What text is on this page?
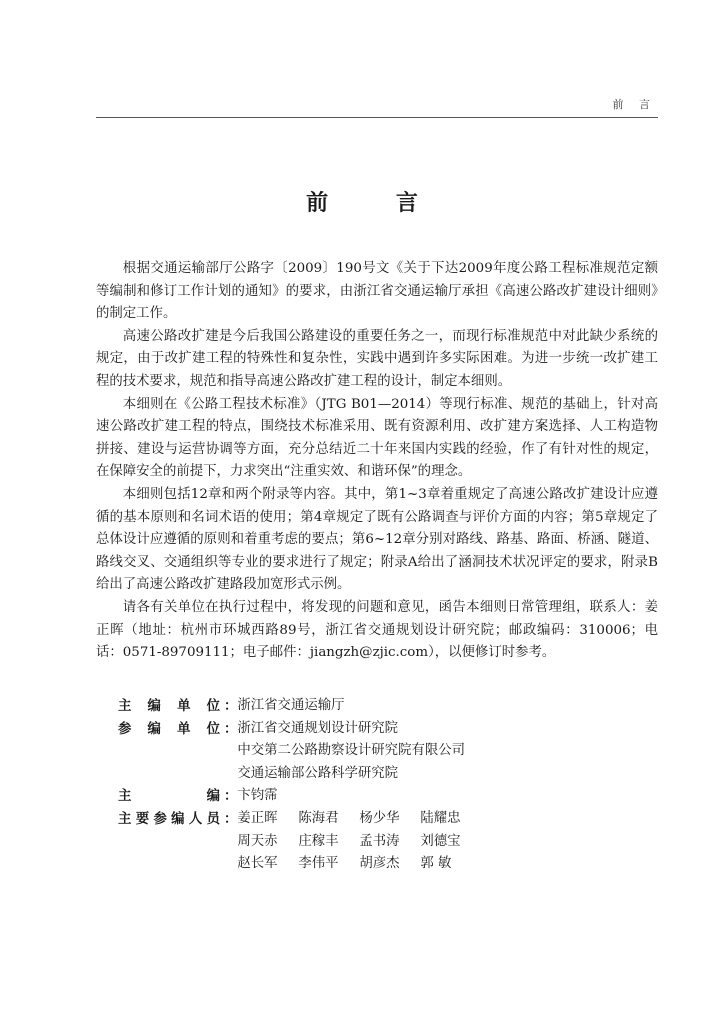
前 言
前 言

根据交通运输部厅公路字〔2009〕190号文《关于下达2009年度公路工程标准规范定额等编制和修订工作计划的通知》的要求，由浙江省交通运输厅承担《高速公路改扩建设计细则》的制定工作。

高速公路改扩建是今后我国公路建设的重要任务之一，而现行标准规范中对此缺少系统的规定，由于改扩建工程的特殊性和复杂性，实践中遇到许多实际困难。为进一步统一改扩建工程的技术要求，规范和指导高速公路改扩建工程的设计，制定本细则。

本细则在《公路工程技术标准》（JTG B01—2014）等现行标准、规范的基础上，针对高速公路改扩建工程的特点，围绕技术标准采用、既有资源利用、改扩建方案选择、人工构造物拼接、建设与运营协调等方面，充分总结近二十年来国内实践的经验，作了有针对性的规定，在保障安全的前提下，力求突出“注重实效、和谐环保”的理念。

本细则包括12章和两个附录等内容。其中，第1~3章着重规定了高速公路改扩建设计应遵循的基本原则和名词术语的使用；第4章规定了既有公路调查与评价方面的内容；第5章规定了总体设计应遵循的原则和着重考虑的要点；第6~12章分别对路线、路基、路面、桥涵、隧道、路线交叉、交通组织等专业的要求进行了规定；附录A给出了涵洞技术状况评定的要求，附录B给出了高速公路改扩建路段加宽形式示例。

请各有关单位在执行过程中，将发现的问题和意见，函告本细则日常管理组，联系人：姜正晖（地址：杭州市环城西路89号，浙江省交通规划设计研究院；邮政编码：310006；电话：0571-89709111；电子邮件：jiangzh@zjic.com），以便修订时参考。

主编单位 ： 浙江省交通运输厅
参编单位 ： 浙江省交通规划设计研究院
中交第二公路勘察设计研究院有限公司
交通运输部公路科学研究院
主编 ： 卞钧霈
主要参编人员 ： 姜正晖	陈海君	杨少华	陆耀忠
周天赤	庄稼丰	孟书涛	刘德宝
赵长军	李伟平	胡彦杰	郭 敏
